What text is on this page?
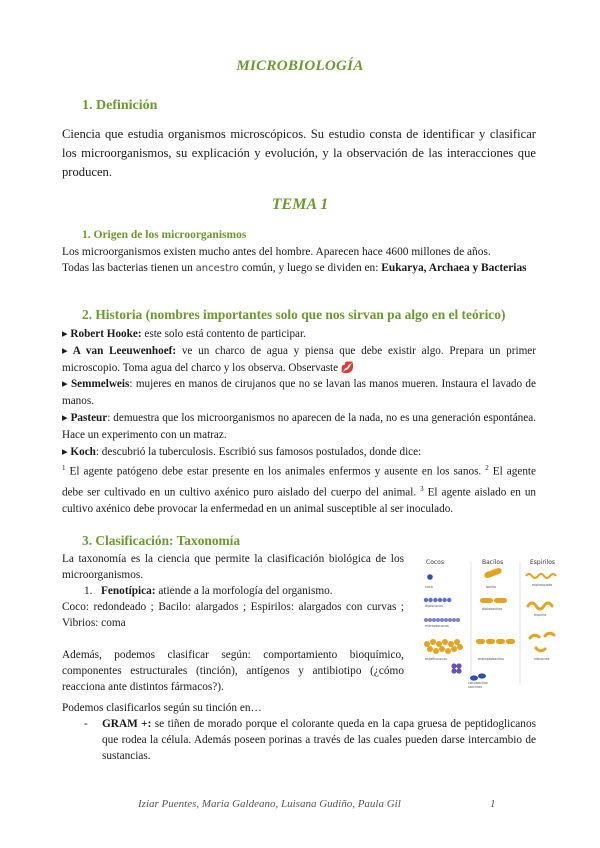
MICROBIOLOGÍA
1. Definición
Ciencia que estudia organismos microscópicos. Su estudio consta de identificar y clasificar los microorganismos, su explicación y evolución, y la observación de las interacciones que producen.
TEMA 1
1. Origen de los microorganismos
Los microorganismos existen mucho antes del hombre. Aparecen hace 4600 millones de años.
Todas las bacterias tienen un ancestro común, y luego se dividen en: Eukarya, Archaea y Bacterias
2. Historia (nombres importantes solo que nos sirvan pa algo en el teórico)

▸ Robert Hooke: este solo está contento de participar.

▸ A van Leeuwenhoef: ve un charco de agua y piensa que debe existir algo. Prepara un primer microscopio. Toma agua del charco y los observa. Observaste 💋

▸ Semmelweis: mujeres en manos de cirujanos que no se lavan las manos mueren. Instaura el lavado de manos.

▸ Pasteur: demuestra que los microorganismos no aparecen de la nada, no es una generación espontánea. Hace un experimento con un matraz.

▸ Koch: descubrió la tuberculosis. Escribió sus famosos postulados, donde dice:

$^1$ El agente patógeno debe estar presente en los animales enfermos y ausente en los sanos. $^2$ El agente debe ser cultivado en un cultivo axénico puro aislado del cuerpo del animal. $^3$ El agente aislado en un cultivo axénico debe provocar la enfermedad en un animal susceptible al ser inoculado.

3. Clasificación: Taxonomía

La taxonomía es la ciencia que permite la clasificación biológica de los microorganismos.

1. Fenotípica: atiende a la morfología del organismo.

Coco: redondeado ; Bacilo: alargados ; Espirilos: alargados con curvas ; Vibrios: coma

Además, podemos clasificar según: comportamiento bioquímico, componentes estructurales (tinción), antígenos y antibiotipo (¿cómo reacciona ante distintos fármacos?).

Podemos clasificarlos según su tinción en…

- GRAM +: se tiñen de morado porque el colorante queda en la capa gruesa de peptidoglicanos que rodea la célula. Además poseen porinas a través de las cuales pueden darse intercambio de sustancias.

Cocos	Bacilos	Espirilos
coco
diplococos
estreptococos
estafilococos
sarcinas
bacilo
diplobacilos
estreptobacilos
cocobacilos
espiroqueta
espirilo
vibriones
Iziar Puentes, Maria Galdeano, Luisana Gudiño, Paula Gil	1
